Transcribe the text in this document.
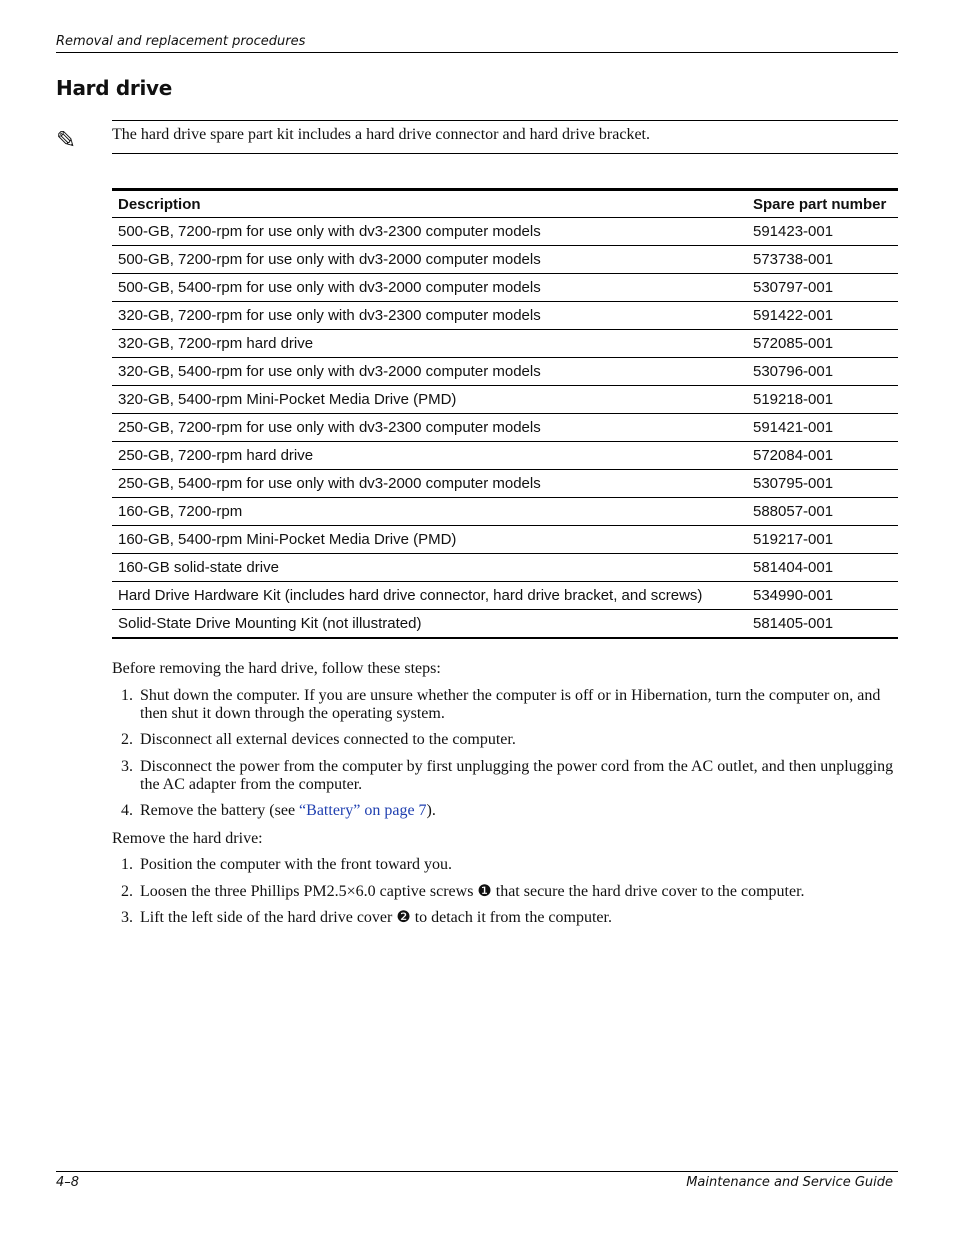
Removal and replacement procedures
Hard drive
✎ The hard drive spare part kit includes a hard drive connector and hard drive bracket.
Description	Spare part number
500-GB, 7200-rpm for use only with dv3-2300 computer models	591423-001
500-GB, 7200-rpm for use only with dv3-2000 computer models	573738-001
500-GB, 5400-rpm for use only with dv3-2000 computer models	530797-001
320-GB, 7200-rpm for use only with dv3-2300 computer models	591422-001
320-GB, 7200-rpm hard drive	572085-001
320-GB, 5400-rpm for use only with dv3-2000 computer models	530796-001
320-GB, 5400-rpm Mini-Pocket Media Drive (PMD)	519218-001
250-GB, 7200-rpm for use only with dv3-2300 computer models	591421-001
250-GB, 7200-rpm hard drive	572084-001
250-GB, 5400-rpm for use only with dv3-2000 computer models	530795-001
160-GB, 7200-rpm	588057-001
160-GB, 5400-rpm Mini-Pocket Media Drive (PMD)	519217-001
160-GB solid-state drive	581404-001
Hard Drive Hardware Kit (includes hard drive connector, hard drive bracket, and screws)	534990-001
Solid-State Drive Mounting Kit (not illustrated)	581405-001

Before removing the hard drive, follow these steps:

1. Shut down the computer. If you are unsure whether the computer is off or in Hibernation, turn the computer on, and then shut it down through the operating system.
2. Disconnect all external devices connected to the computer.
3. Disconnect the power from the computer by first unplugging the power cord from the AC outlet, and then unplugging the AC adapter from the computer.
4. Remove the battery (see “Battery” on page 7).

Remove the hard drive:

1. Position the computer with the front toward you.
2. Loosen the three Phillips PM2.5×6.0 captive screws ❶ that secure the hard drive cover to the computer.
3. Lift the left side of the hard drive cover ❷ to detach it from the computer.
4–8	Maintenance and Service Guide
